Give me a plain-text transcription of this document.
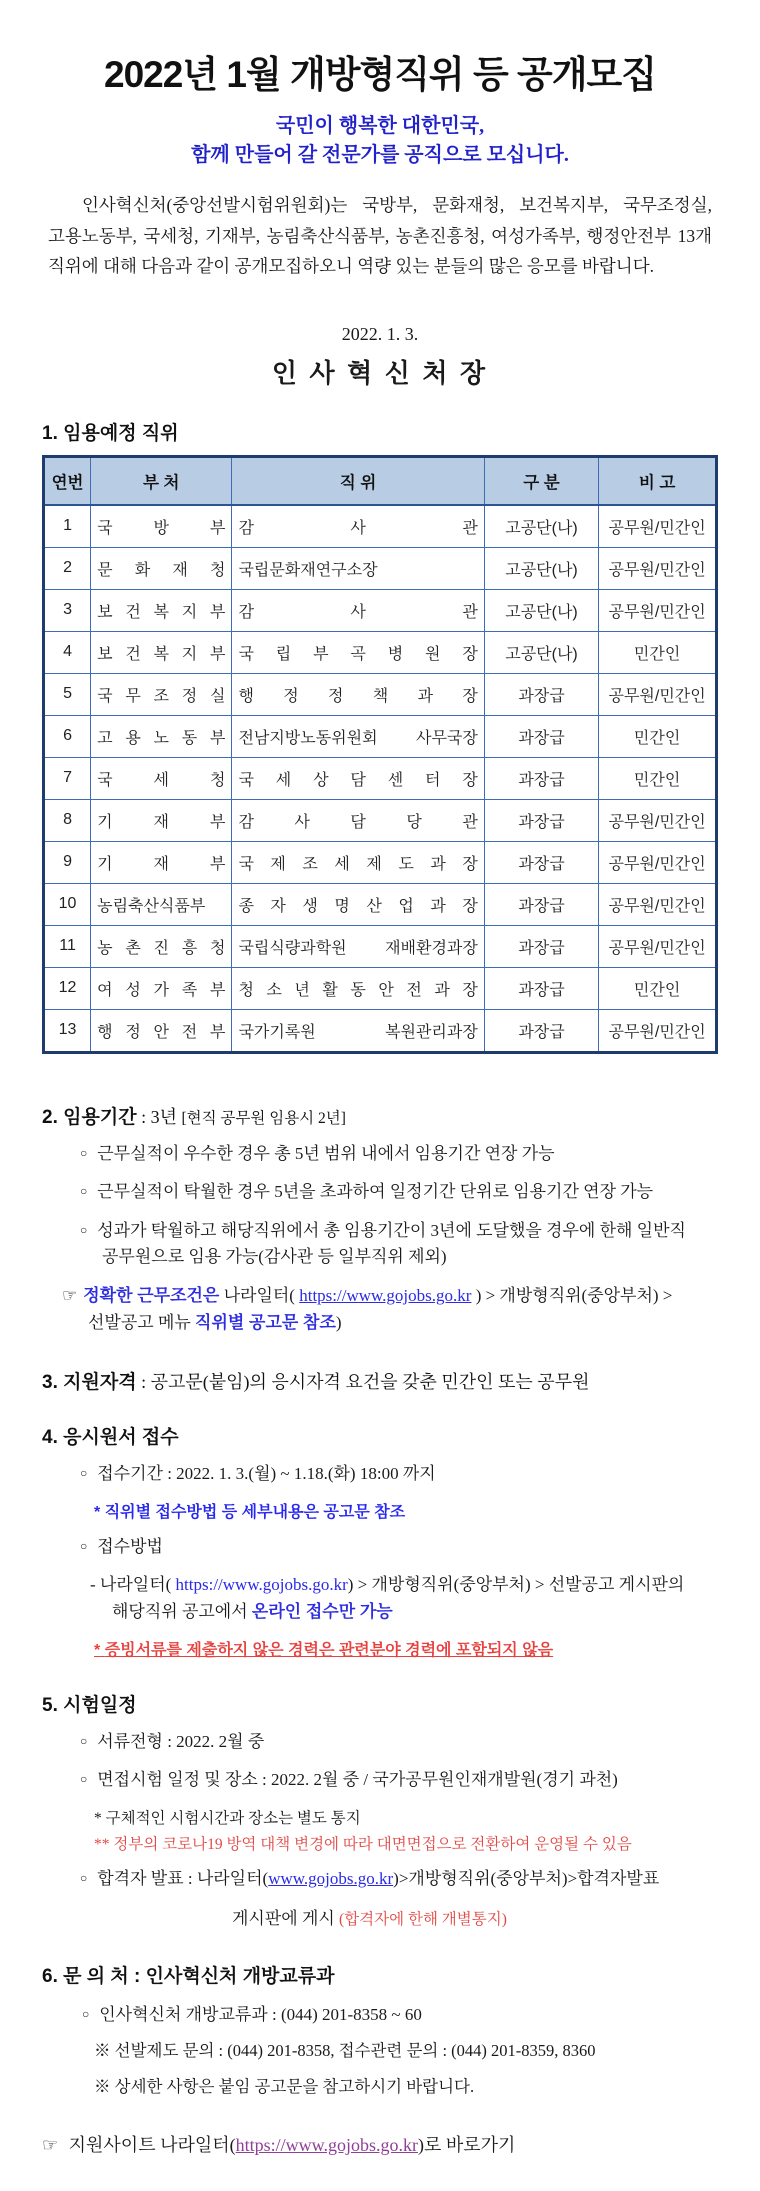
2022년 1월 개방형직위 등 공개모집
국민이 행복한 대한민국,
함께 만들어 갈 전문가를 공직으로 모십니다.

인사혁신처(중앙선발시험위원회)는 국방부, 문화재청, 보건복지부, 국무조정실, 고용노동부, 국세청, 기재부, 농림축산식품부, 농촌진흥청, 여성가족부, 행정안전부 13개 직위에 대해 다음과 같이 공개모집하오니 역량 있는 분들의 많은 응모를 바랍니다.

2022. 1. 3.
인 사 혁 신 처 장
1. 임용예정 직위
연번	부 처	직 위	구 분	비 고
1	국 방 부	감 사 관	고공단(나)	공무원/민간인
2	문 화 재 청	국립문화재연구소장	고공단(나)	공무원/민간인
3	보 건 복 지 부	감 사 관	고공단(나)	공무원/민간인
4	보 건 복 지 부	국 립 부 곡 병 원 장	고공단(나)	민간인
5	국 무 조 정 실	행 정 정 책 과 장	과장급	공무원/민간인
6	고 용 노 동 부	전남지방노동위원회 사무국장	과장급	민간인
7	국 세 청	국 세 상 담 센 터 장	과장급	민간인
8	기 재 부	감 사 담 당 관	과장급	공무원/민간인
9	기 재 부	국 제 조 세 제 도 과 장	과장급	공무원/민간인
10	농림축산식품부	종 자 생 명 산 업 과 장	과장급	공무원/민간인
11	농 촌 진 흥 청	국립식량과학원 재배환경과장	과장급	공무원/민간인
12	여 성 가 족 부	청 소 년 활 동 안 전 과 장	과장급	민간인
13	행 정 안 전 부	국가기록원 복원관리과장	과장급	공무원/민간인
2. 임용기간 : 3년 [현직 공무원 임용시 2년]
○ 근무실적이 우수한 경우 총 5년 범위 내에서 임용기간 연장 가능
○ 근무실적이 탁월한 경우 5년을 초과하여 일정기간 단위로 임용기간 연장 가능
○ 성과가 탁월하고 해당직위에서 총 임용기간이 3년에 도달했을 경우에 한해 일반직 공무원으로 임용 가능(감사관 등 일부직위 제외)
☞ 정확한 근무조건은 나라일터( https://www.gojobs.go.kr ) > 개방형직위(중앙부처) > 선발공고 메뉴 직위별 공고문 참조)
3. 지원자격 : 공고문(붙임)의 응시자격 요건을 갖춘 민간인 또는 공무원
4. 응시원서 접수
○ 접수기간 : 2022. 1. 3.(월) ~ 1.18.(화) 18:00 까지
* 직위별 접수방법 등 세부내용은 공고문 참조
○ 접수방법
- 나라일터( https://www.gojobs.go.kr) > 개방형직위(중앙부처) > 선발공고 게시판의 해당직위 공고에서 온라인 접수만 가능
* 증빙서류를 제출하지 않은 경력은 관련분야 경력에 포함되지 않음
5. 시험일정
○ 서류전형 : 2022. 2월 중
○ 면접시험 일정 및 장소 : 2022. 2월 중 / 국가공무원인재개발원(경기 과천)
* 구체적인 시험시간과 장소는 별도 통지
** 정부의 코로나19 방역 대책 변경에 따라 대면면접으로 전환하여 운영될 수 있음
○ 합격자 발표 : 나라일터(www.gojobs.go.kr)>개방형직위(중앙부처)>합격자발표
게시판에 게시 (합격자에 한해 개별통지)
6. 문 의 처 : 인사혁신처 개방교류과
○ 인사혁신처 개방교류과 : (044) 201-8358 ~ 60
※ 선발제도 문의 : (044) 201-8358, 접수관련 문의 : (044) 201-8359, 8360
※ 상세한 사항은 붙임 공고문을 참고하시기 바랍니다.
☞ 지원사이트 나라일터(https://www.gojobs.go.kr)로 바로가기
